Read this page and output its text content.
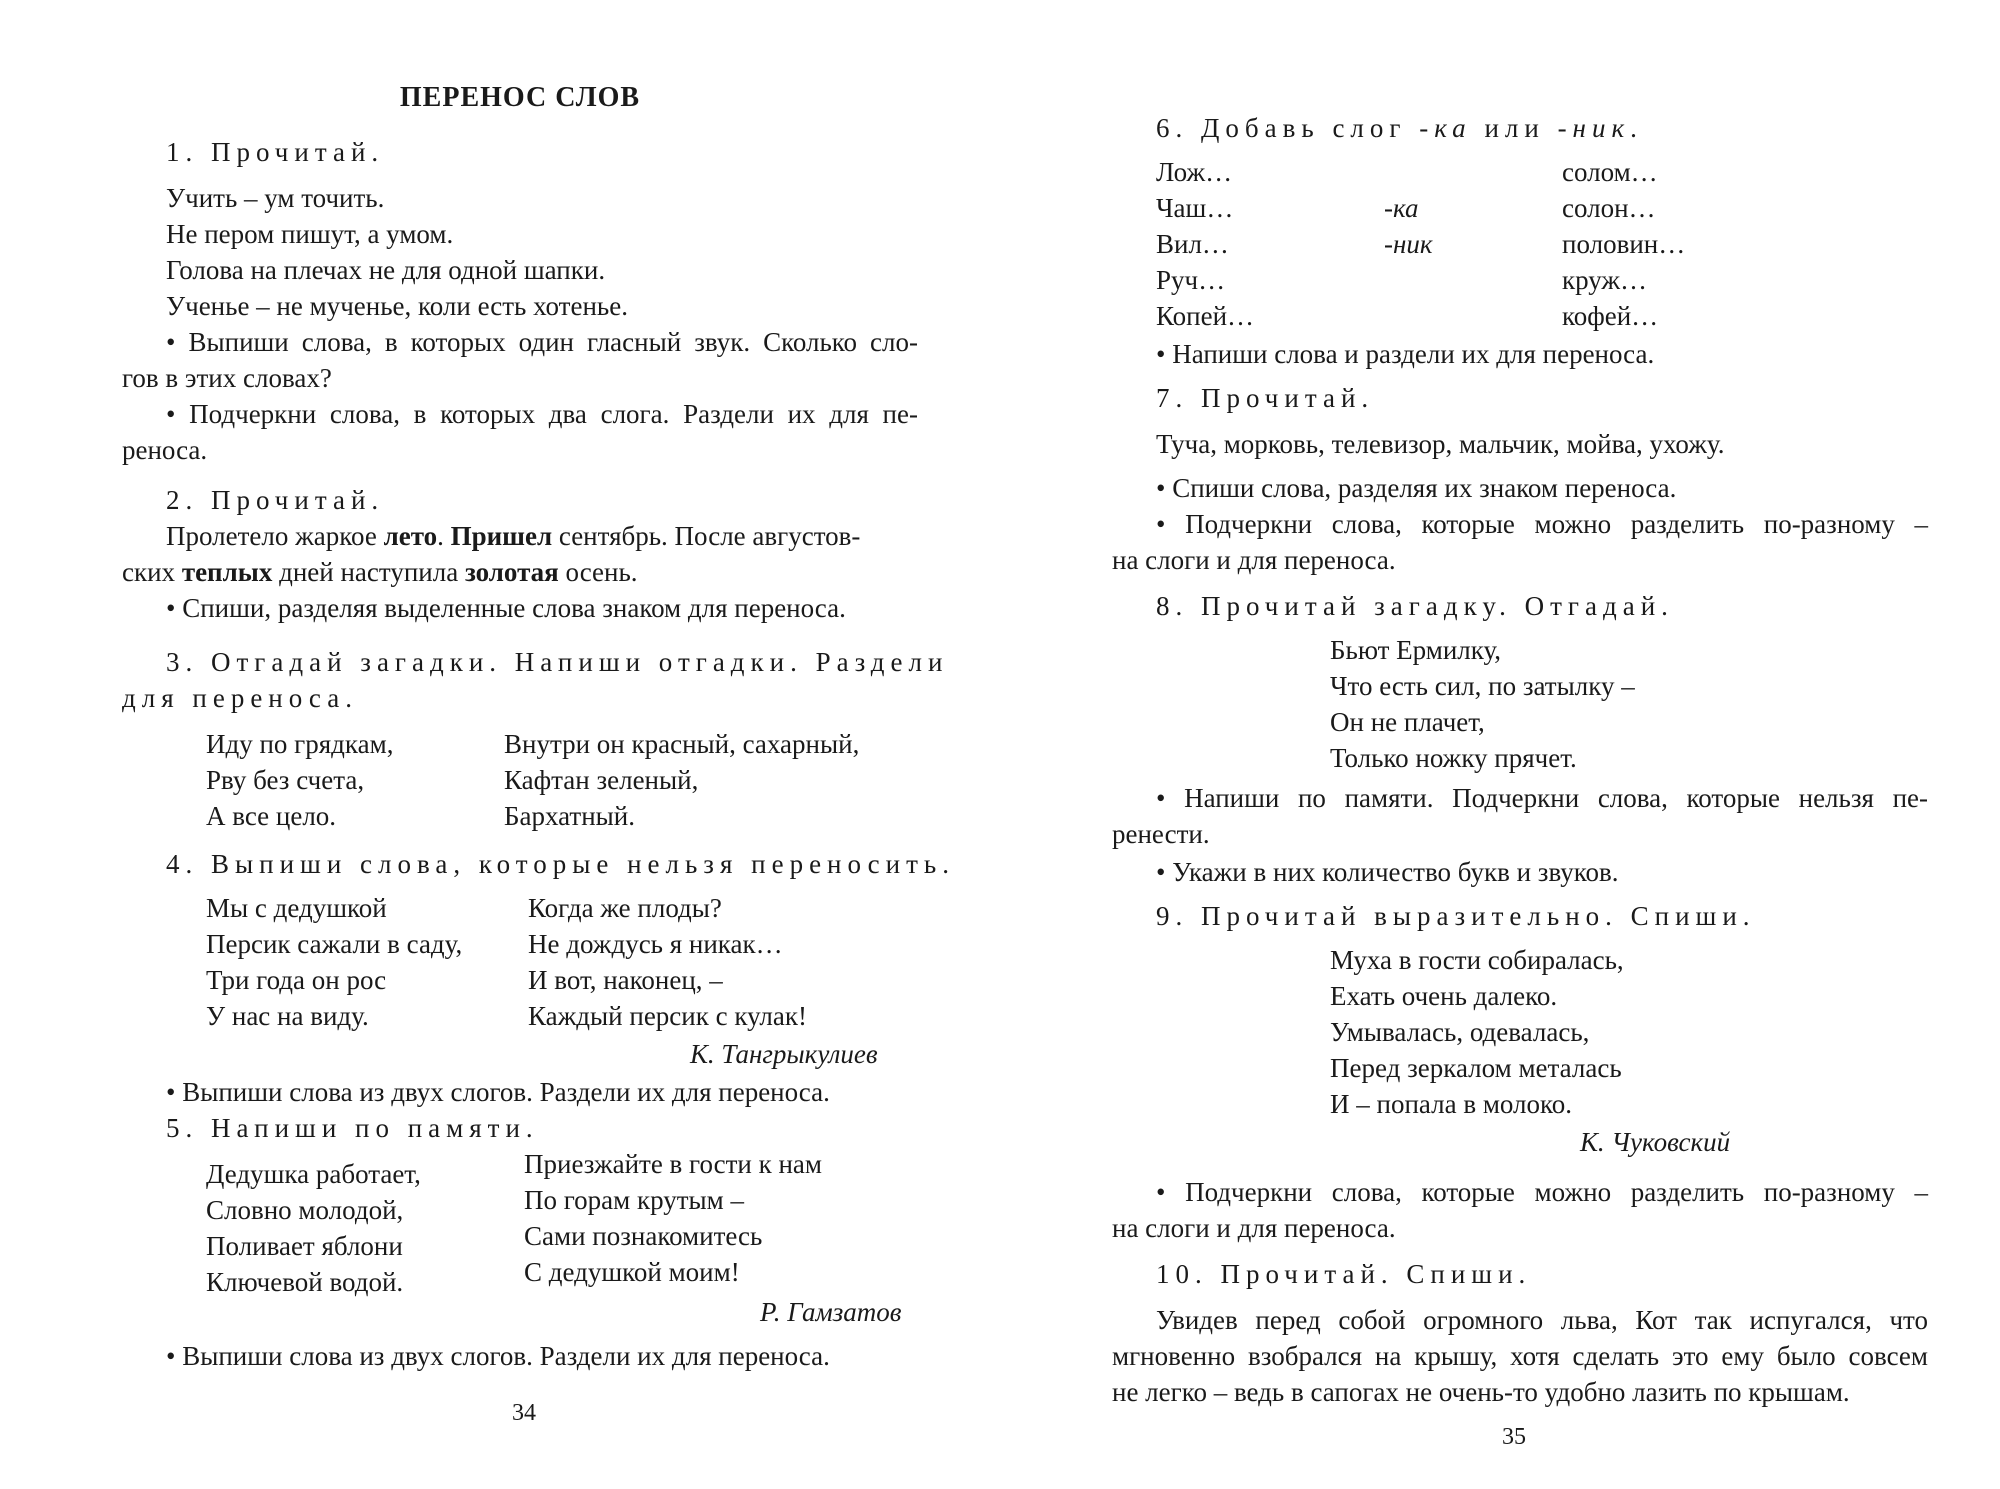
ПЕРЕНОС СЛОВ
1. Прочитай.
Учить – ум точить.
Не пером пишут, а умом.
Голова на плечах не для одной шапки.
Ученье – не мученье, коли есть хотенье.
• Выпиши слова, в которых один гласный звук. Сколько сло-
гов в этих словах?
• Подчеркни слова, в которых два слога. Раздели их для пе-
реноса.
2. Прочитай.
Пролетело жаркое лето. Пришел сентябрь. После августов-
ских теплых дней наступила золотая осень.
• Спиши, разделяя выделенные слова знаком для переноса.
3. Отгадай загадки. Напиши отгадки. Раздели
для переноса.
Иду по грядкам,
Рву без счета,
А все цело.
Внутри он красный, сахарный,
Кафтан зеленый,
Бархатный.
4. Выпиши слова, которые нельзя переносить.
Мы с дедушкой
Персик сажали в саду,
Три года он рос
У нас на виду.
Когда же плоды?
Не дождусь я никак…
И вот, наконец, –
Каждый персик с кулак!
К. Тангрыкулиев
• Выпиши слова из двух слогов. Раздели их для переноса.
5. Напиши по памяти.
Дедушка работает,
Словно молодой,
Поливает яблони
Ключевой водой.
Приезжайте в гости к нам
По горам крутым –
Сами познакомитесь
С дедушкой моим!
Р. Гамзатов
• Выпиши слова из двух слогов. Раздели их для переноса.
34
6. Добавь слог -ка или -ник.
Лож…
Чаш…
Вил…
Руч…
Копей…
-ка
-ник
солом…
солон…
половин…
круж…
кофей…
• Напиши слова и раздели их для переноса.
7. Прочитай.
Туча, морковь, телевизор, мальчик, мойва, ухожу.
• Спиши слова, разделяя их знаком переноса.
• Подчеркни слова, которые можно разделить по-разному –
на слоги и для переноса.
8. Прочитай загадку. Отгадай.
Бьют Ермилку,
Что есть сил, по затылку –
Он не плачет,
Только ножку прячет.
• Напиши по памяти. Подчеркни слова, которые нельзя пе-
ренести.
• Укажи в них количество букв и звуков.
9. Прочитай выразительно. Спиши.
Муха в гости собиралась,
Ехать очень далеко.
Умывалась, одевалась,
Перед зеркалом металась
И – попала в молоко.
К. Чуковский
• Подчеркни слова, которые можно разделить по-разному –
на слоги и для переноса.
10. Прочитай. Спиши.
Увидев перед собой огромного льва, Кот так испугался, что
мгновенно взобрался на крышу, хотя сделать это ему было совсем
не легко – ведь в сапогах не очень-то удобно лазить по крышам.
35
